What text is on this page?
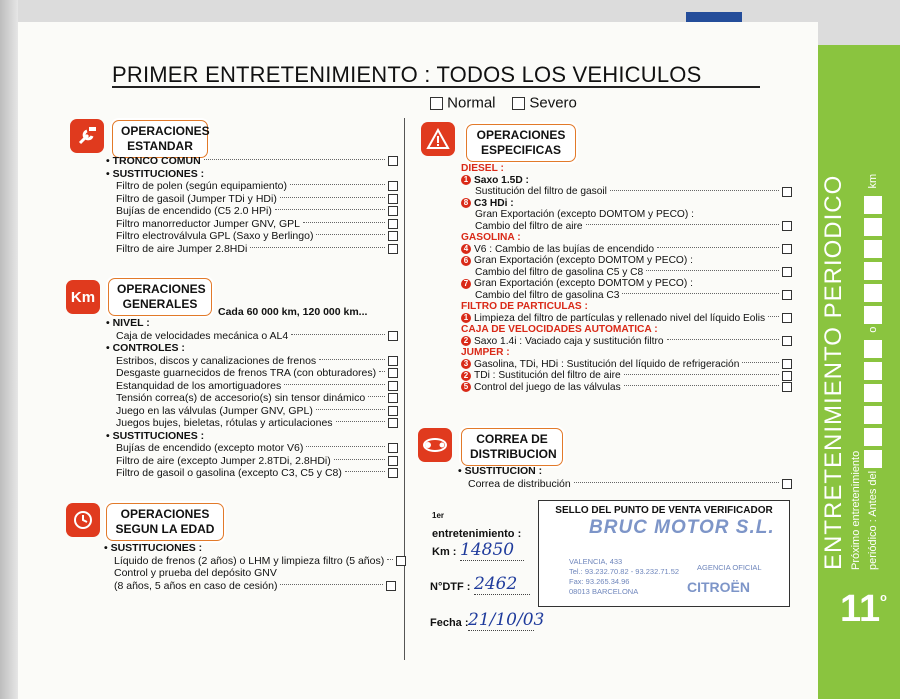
PRIMER ENTRETENIMIENTO : TODOS LOS VEHICULOS
Normal Severo
OPERACIONES
ESTANDAR
• TRONCO COMUN
• SUSTITUCIONES :
Filtro de polen (según equipamiento)
Filtro de gasoil (Jumper TDi y HDi)
Bujías de encendido (C5 2.0 HPi)
Filtro manorreductor Jumper GNV, GPL
Filtro electroválvula GPL (Saxo y Berlingo)
Filtro de aire Jumper 2.8HDi
Km OPERACIONES
GENERALES
Cada 60 000 km, 120 000 km...
• NIVEL :
Caja de velocidades mecánica o AL4
• CONTROLES :
Estribos, discos y canalizaciones de frenos
Desgaste guarnecidos de frenos TRA (con obturadores)
Estanquidad de los amortiguadores
Tensión correa(s) de accesorio(s) sin tensor dinámico
Juego en las válvulas (Jumper GNV, GPL)
Juegos bujes, bieletas, rótulas y articulaciones
• SUSTITUCIONES :
Bujías de encendido (excepto motor V6)
Filtro de aire (excepto Jumper 2.8TDi, 2.8HDi)
Filtro de gasoil o gasolina (excepto C3, C5 y C8)
OPERACIONES
SEGUN LA EDAD
• SUSTITUCIONES :
Líquido de frenos (2 años) o LHM y limpieza filtro (5 años)
Control y prueba del depósito GNV
(8 años, 5 años en caso de cesión)
OPERACIONES
ESPECIFICAS
DIESEL :
1 Saxo 1.5D :
Sustitución del filtro de gasoil
8 C3 HDi :
Gran Exportación (excepto DOMTOM y PECO) :
Cambio del filtro de aire
GASOLINA :
4 V6 : Cambio de las bujías de encendido
6 Gran Exportación (excepto DOMTOM y PECO) :
Cambio del filtro de gasolina C5 y C8
7 Gran Exportación (excepto DOMTOM y PECO) :
Cambio del filtro de gasolina C3
FILTRO DE PARTICULAS :
1 Limpieza del filtro de partículas y rellenado nivel del líquido Eolis
CAJA DE VELOCIDADES AUTOMATICA :
2 Saxo 1.4i : Vaciado caja y sustitución filtro
JUMPER :
3 Gasolina, TDi, HDi : Sustitución del líquido de refrigeración
2 TDi : Sustitución del filtro de aire
5 Control del juego de las válvulas
CORREA DE
DISTRIBUCION
• SUSTITUCION :
Correa de distribución
1er
entretenimiento :
Km : 14850
N°DTF : 2462
Fecha : 21/10/03
SELLO DEL PUNTO DE VENTA VERIFICADOR
BRUC MOTOR S.L.
VALENCIA, 433
Tel.: 93.232.70.82 - 93.232.71.52
Fax: 93.265.34.96
08013 BARCELONA
AGENCIA OFICIAL
CITROËN
ENTRETENIMIENTO PERIODICO Próximo entretenimiento periódico : Antes del  o  km
11$^o$
